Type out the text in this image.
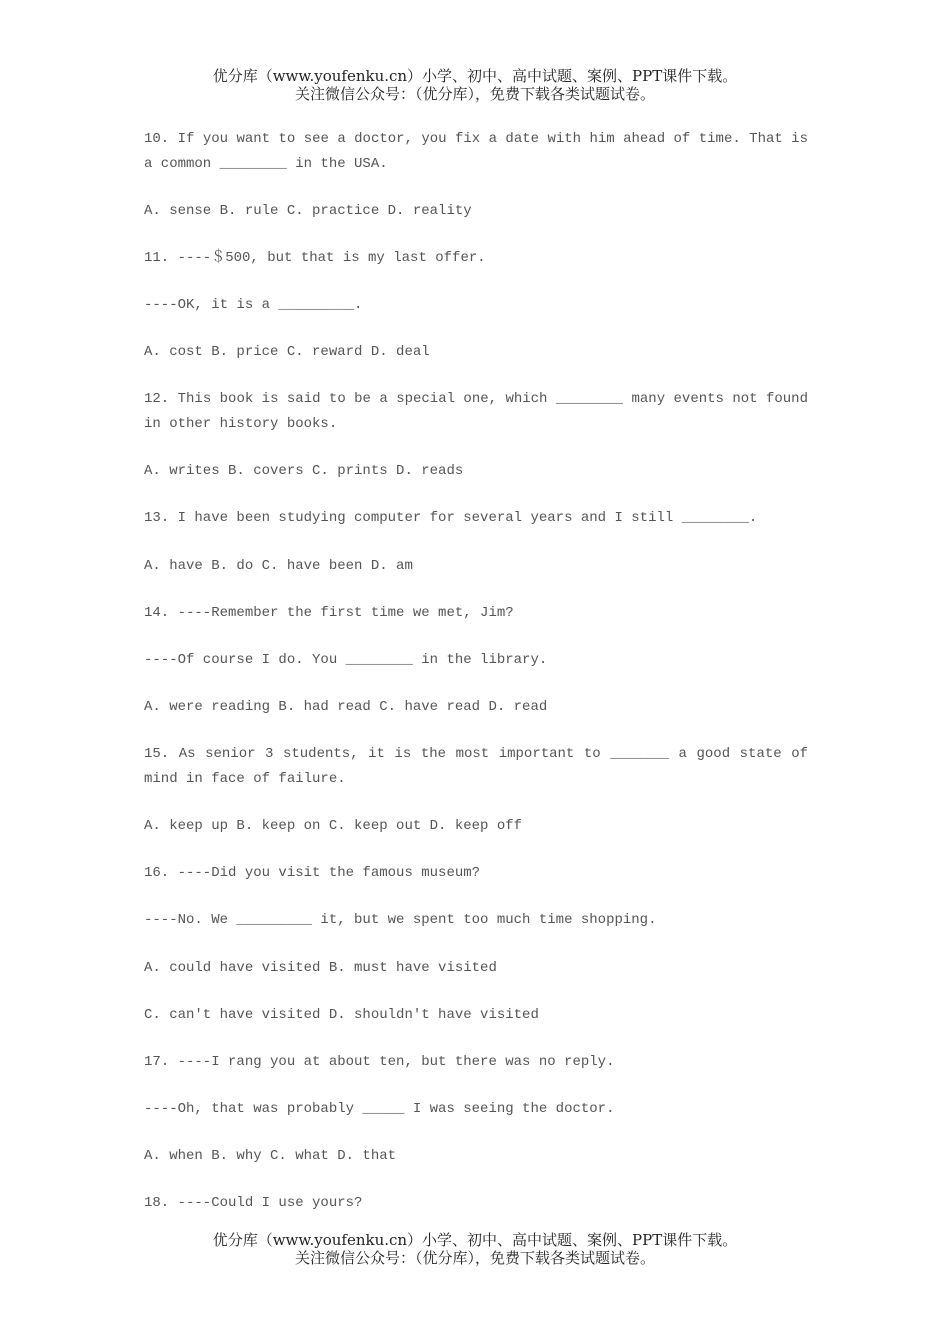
优分库（www.youfenku.cn）小学、初中、高中试题、案例、PPT课件下载。
关注微信公众号：（优分库），免费下载各类试题试卷。

10. If you want to see a doctor, you fix a date with him ahead of time. That is a common ________ in the USA.

A. sense B. rule C. practice D. reality

11. ----＄500, but that is my last offer.

----OK, it is a _________.

A. cost B. price C. reward D. deal

12. This book is said to be a special one, which ________ many events not found in other history books.

A. writes B. covers C. prints D. reads

13. I have been studying computer for several years and I still ________.

A. have B. do C. have been D. am

14. ----Remember the first time we met, Jim?

----Of course I do. You ________ in the library.

A. were reading B. had read C. have read D. read

15. As senior 3 students, it is the most important to _______ a good state of mind in face of failure.

A. keep up B. keep on C. keep out D. keep off

16. ----Did you visit the famous museum?

----No. We _________ it, but we spent too much time shopping.

A. could have visited B. must have visited

C. can't have visited D. shouldn't have visited

17. ----I rang you at about ten, but there was no reply.

----Oh, that was probably _____ I was seeing the doctor.

A. when B. why C. what D. that

18. ----Could I use yours?

优分库（www.youfenku.cn）小学、初中、高中试题、案例、PPT课件下载。
关注微信公众号：（优分库），免费下载各类试题试卷。
